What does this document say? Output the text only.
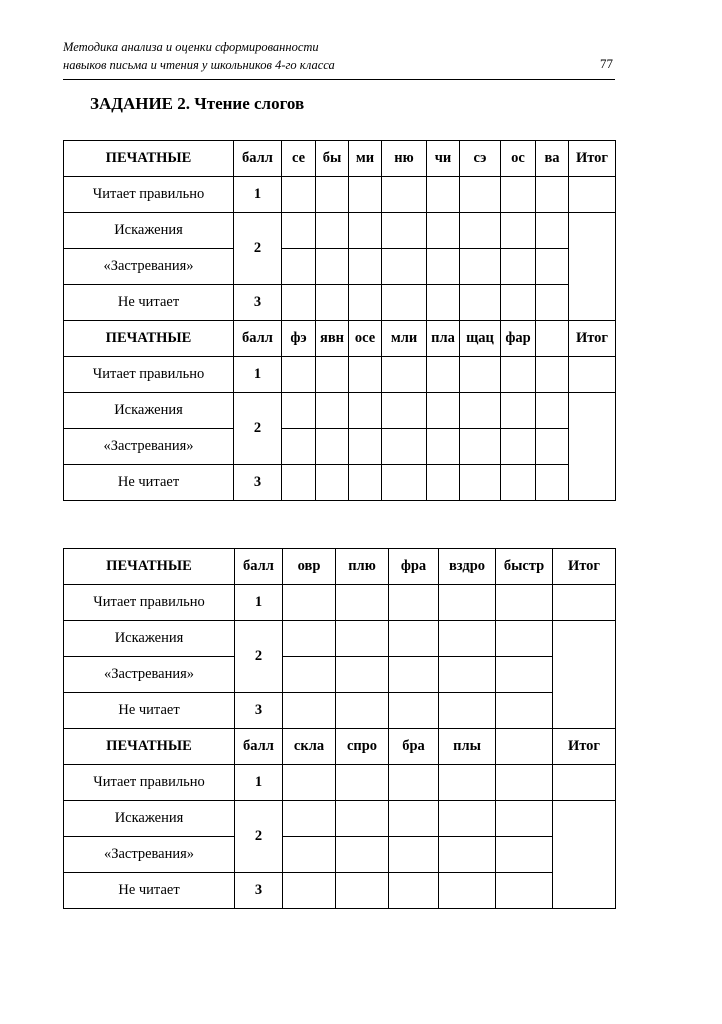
Методика анализа и оценки сформированности
навыков письма и чтения у школьников 4-го класса	77
ЗАДАНИЕ 2. Чтение слогов
ПЕЧАТНЫЕ	балл	се	бы	ми	ню	чи	сэ	ос	ва	Итог
Читает правильно	1									
Искажения	2									
«Застревания»										
Не читает	3									
ПЕЧАТНЫЕ	балл	фэ	явн	осе	мли	пла	щац	фар		Итог
Читает правильно	1									
Искажения	2									
«Застревания»										
Не читает	3									
ПЕЧАТНЫЕ	балл	овр	плю	фра	вздро	быстр	Итог
Читает правильно	1						
Искажения	2						
«Застревания»							
Не читает	3						
ПЕЧАТНЫЕ	балл	скла	спро	бра	плы		Итог
Читает правильно	1						
Искажения	2						
«Застревания»							
Не читает	3						
